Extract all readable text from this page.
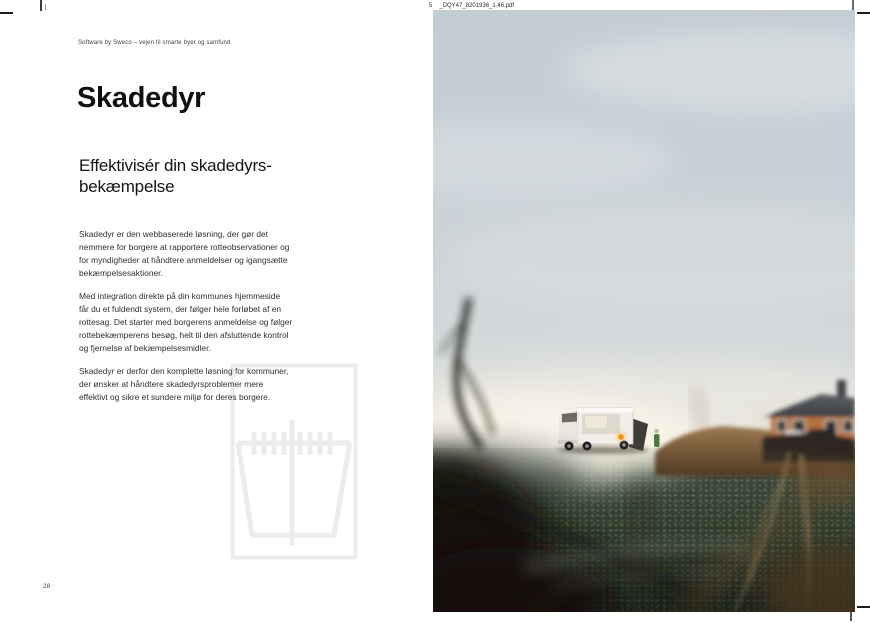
5 _DQY47_8201936_1.46.pdf
Software by Sweco – vejen til smarte byer og samfund
Skadedyr
Effektivisér din skadedyrs-
bekæmpelse
Skadedyr er den webbaserede løsning, der gør det
nemmere for borgere at rapportere rotteobservationer og
for myndigheder at håndtere anmeldelser og igangsætte
bekæmpelsesaktioner.
Med integration direkte på din kommunes hjemmeside
får du et fuldendt system, der følger hele forløbet af en
rottesag. Det starter med borgerens anmeldelse og følger
rottebekæmperens besøg, helt til den afsluttende kontrol
og fjernelse af bekæmpelsesmidler.
Skadedyr er derfor den komplette løsning for kommuner,
der ønsker at håndtere skadedyrsproblemer mere
effektivt og sikre et sundere miljø for deres borgere.
28
